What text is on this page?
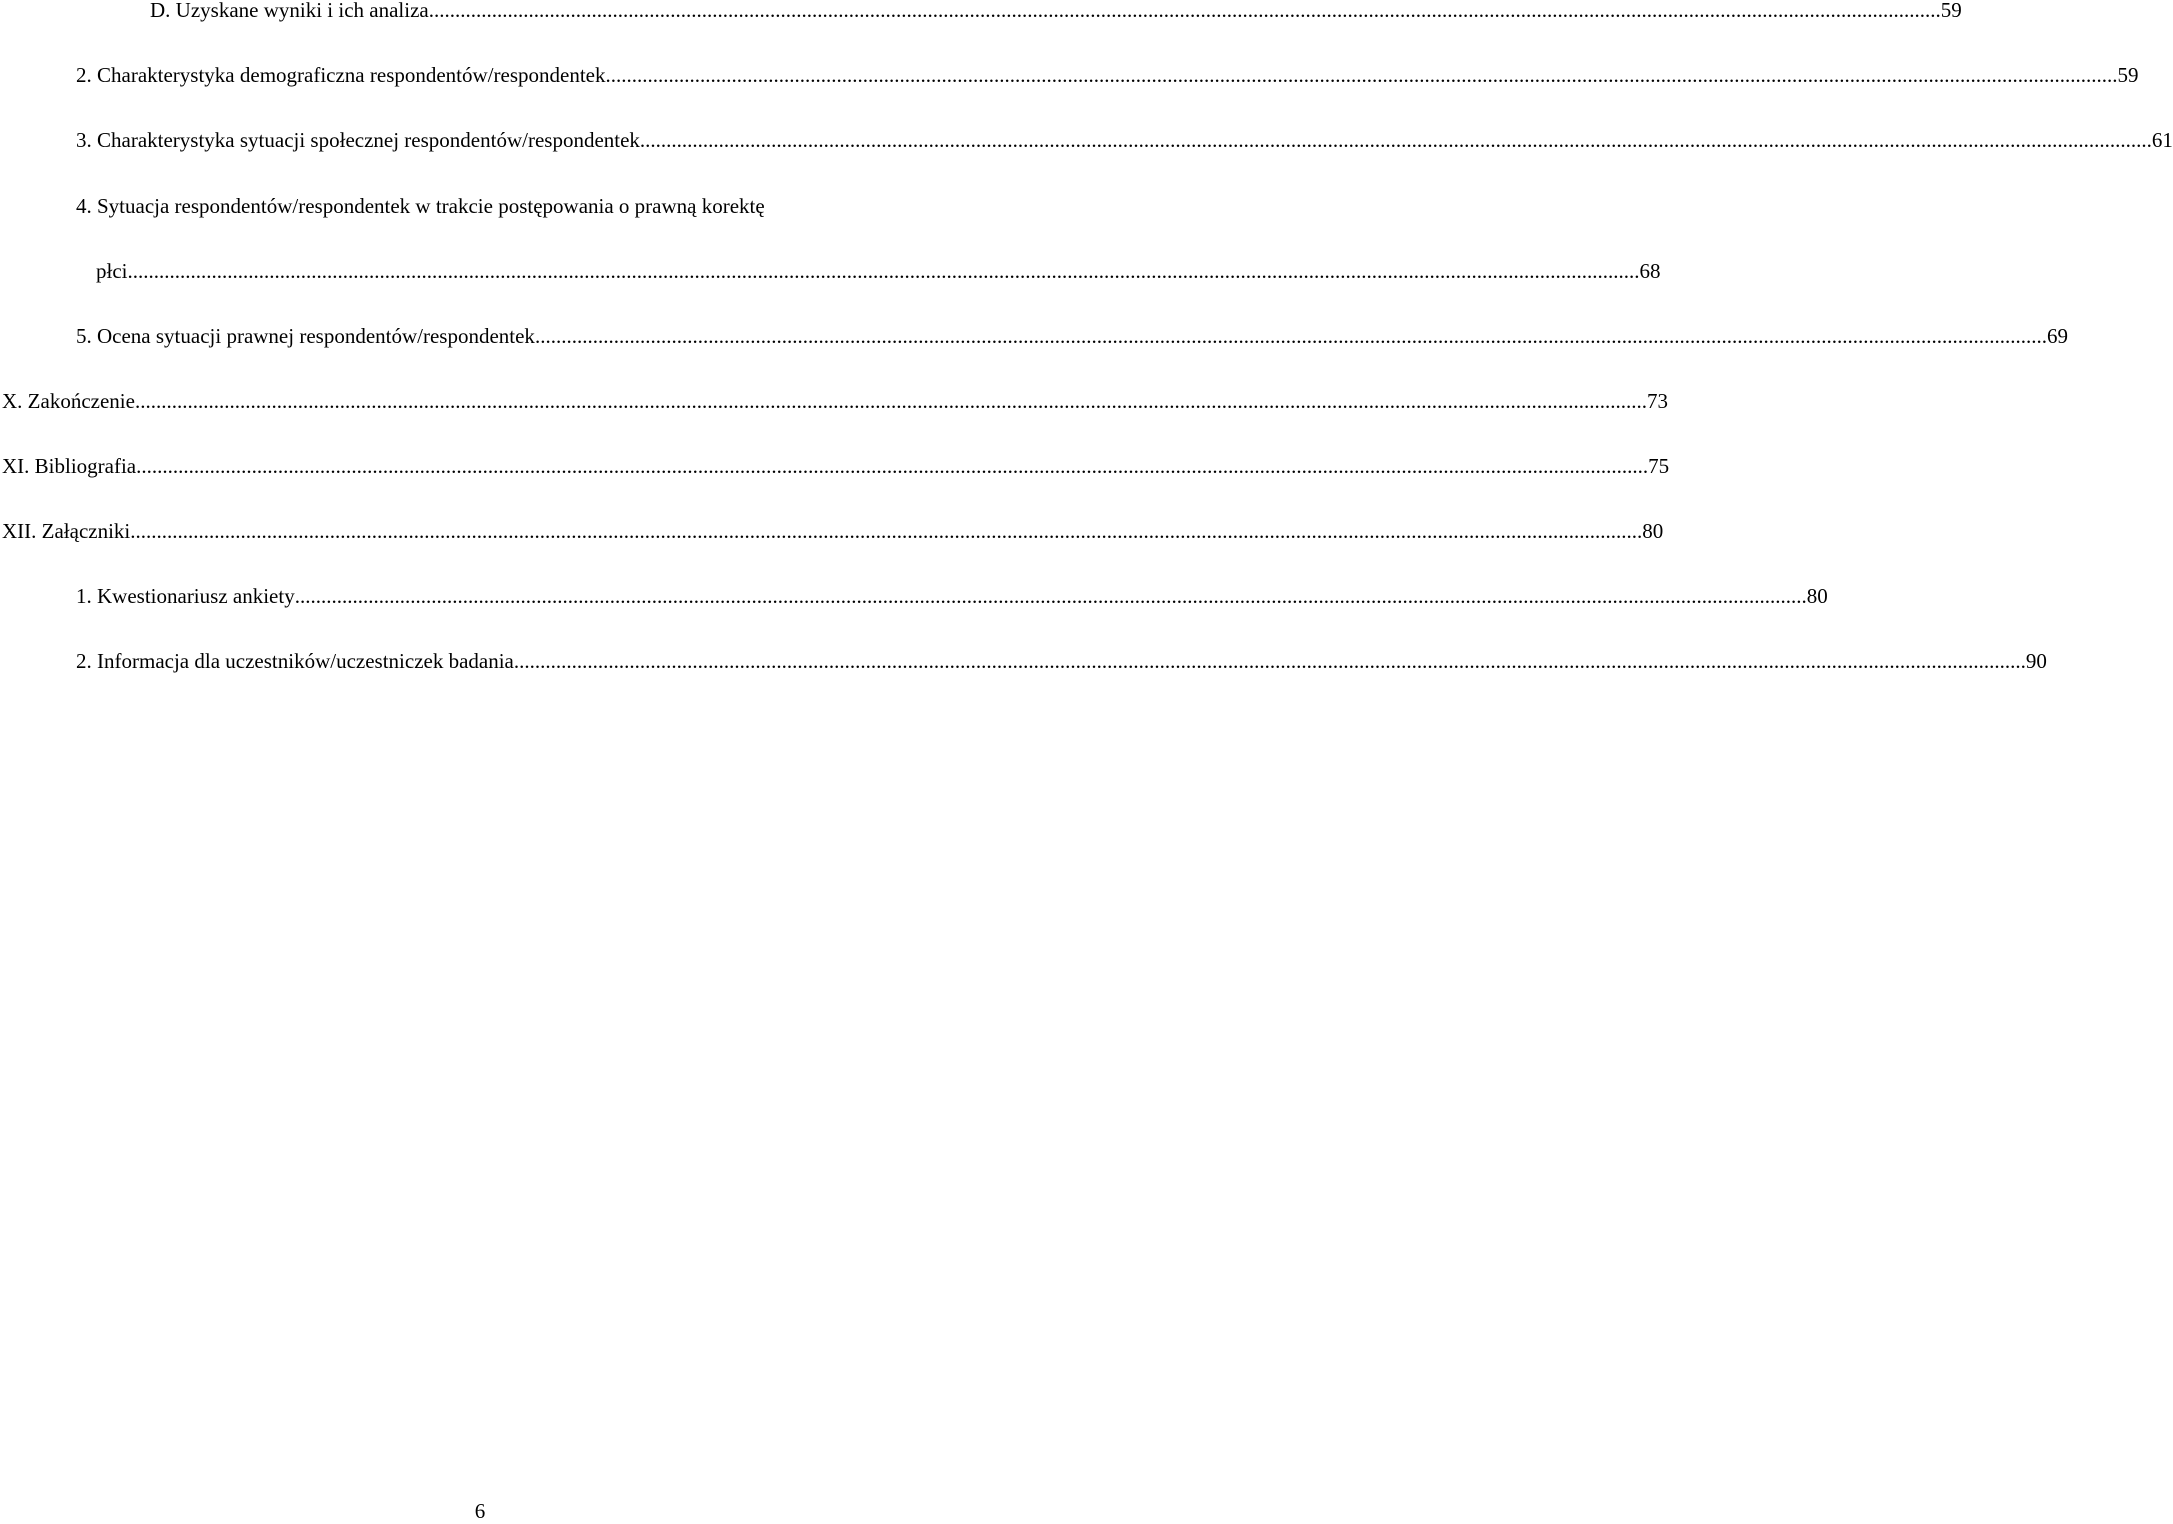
D. Uzyskane wyniki i ich analiza ................................................................................................................................................................................................................................................................................................ 59
2. Charakterystyka demograficzna respondentów/respondentek ................................................................................................................................................................................................................................................................................................ 59
3. Charakterystyka sytuacji społecznej respondentów/respondentek ................................................................................................................................................................................................................................................................................................ 61
4. Sytuacja respondentów/respondentek w trakcie postępowania o prawną korektę
płci ................................................................................................................................................................................................................................................................................................ 68
5. Ocena sytuacji prawnej respondentów/respondentek ................................................................................................................................................................................................................................................................................................ 69
X. Zakończenie ................................................................................................................................................................................................................................................................................................ 73
XI. Bibliografia ................................................................................................................................................................................................................................................................................................ 75
XII. Załączniki ................................................................................................................................................................................................................................................................................................ 80
1. Kwestionariusz ankiety ................................................................................................................................................................................................................................................................................................ 80
2. Informacja dla uczestników/uczestniczek badania ................................................................................................................................................................................................................................................................................................ 90
6
